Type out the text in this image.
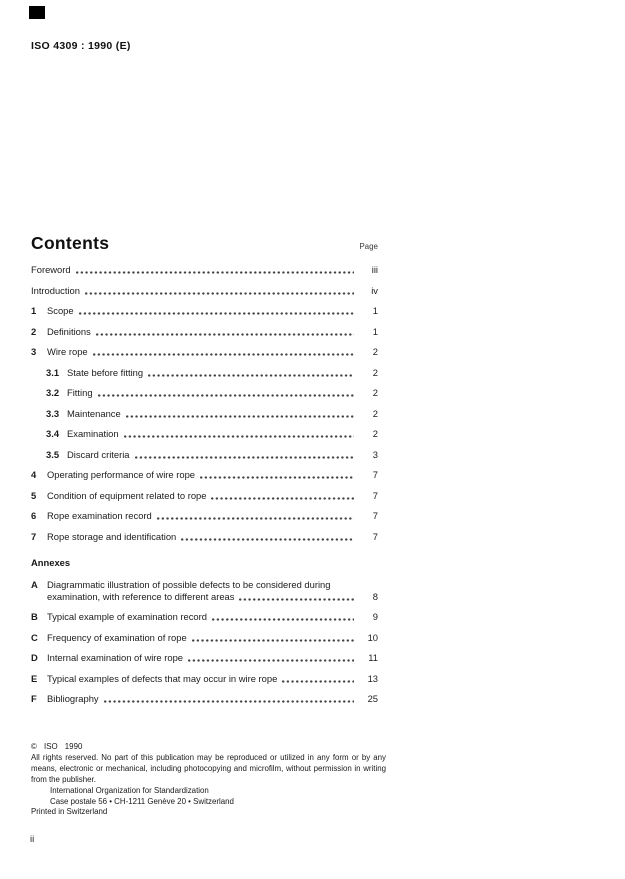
ISO 4309 : 1990 (E)
Contents	Page
Foreword	iii
Introduction	iv
1	Scope	1
2	Definitions	1
3	Wire rope	2
3.1 State before fitting	2
3.2 Fitting	2
3.3 Maintenance	2
3.4 Examination	2
3.5 Discard criteria	3
4	Operating performance of wire rope	7
5	Condition of equipment related to rope	7
6	Rope examination record	7
7	Rope storage and identification	7
Annexes
A Diagrammatic illustration of possible defects to be considered during
examination, with reference to different areas	8
B Typical example of examination record	9
C Frequency of examination of rope	10
D Internal examination of wire rope	11
E	Typical examples of defects that may occur in wire rope	13
F	Bibliography	25
© ISO 1990
All rights reserved. No part of this publication may be reproduced or utilized in any form or by any means, electronic or mechanical, including photocopying and microfilm, without permission in writing from the publisher.
International Organization for Standardization
Case postale 56 • CH-1211 Genève 20 • Switzerland
Printed in Switzerland
ii
